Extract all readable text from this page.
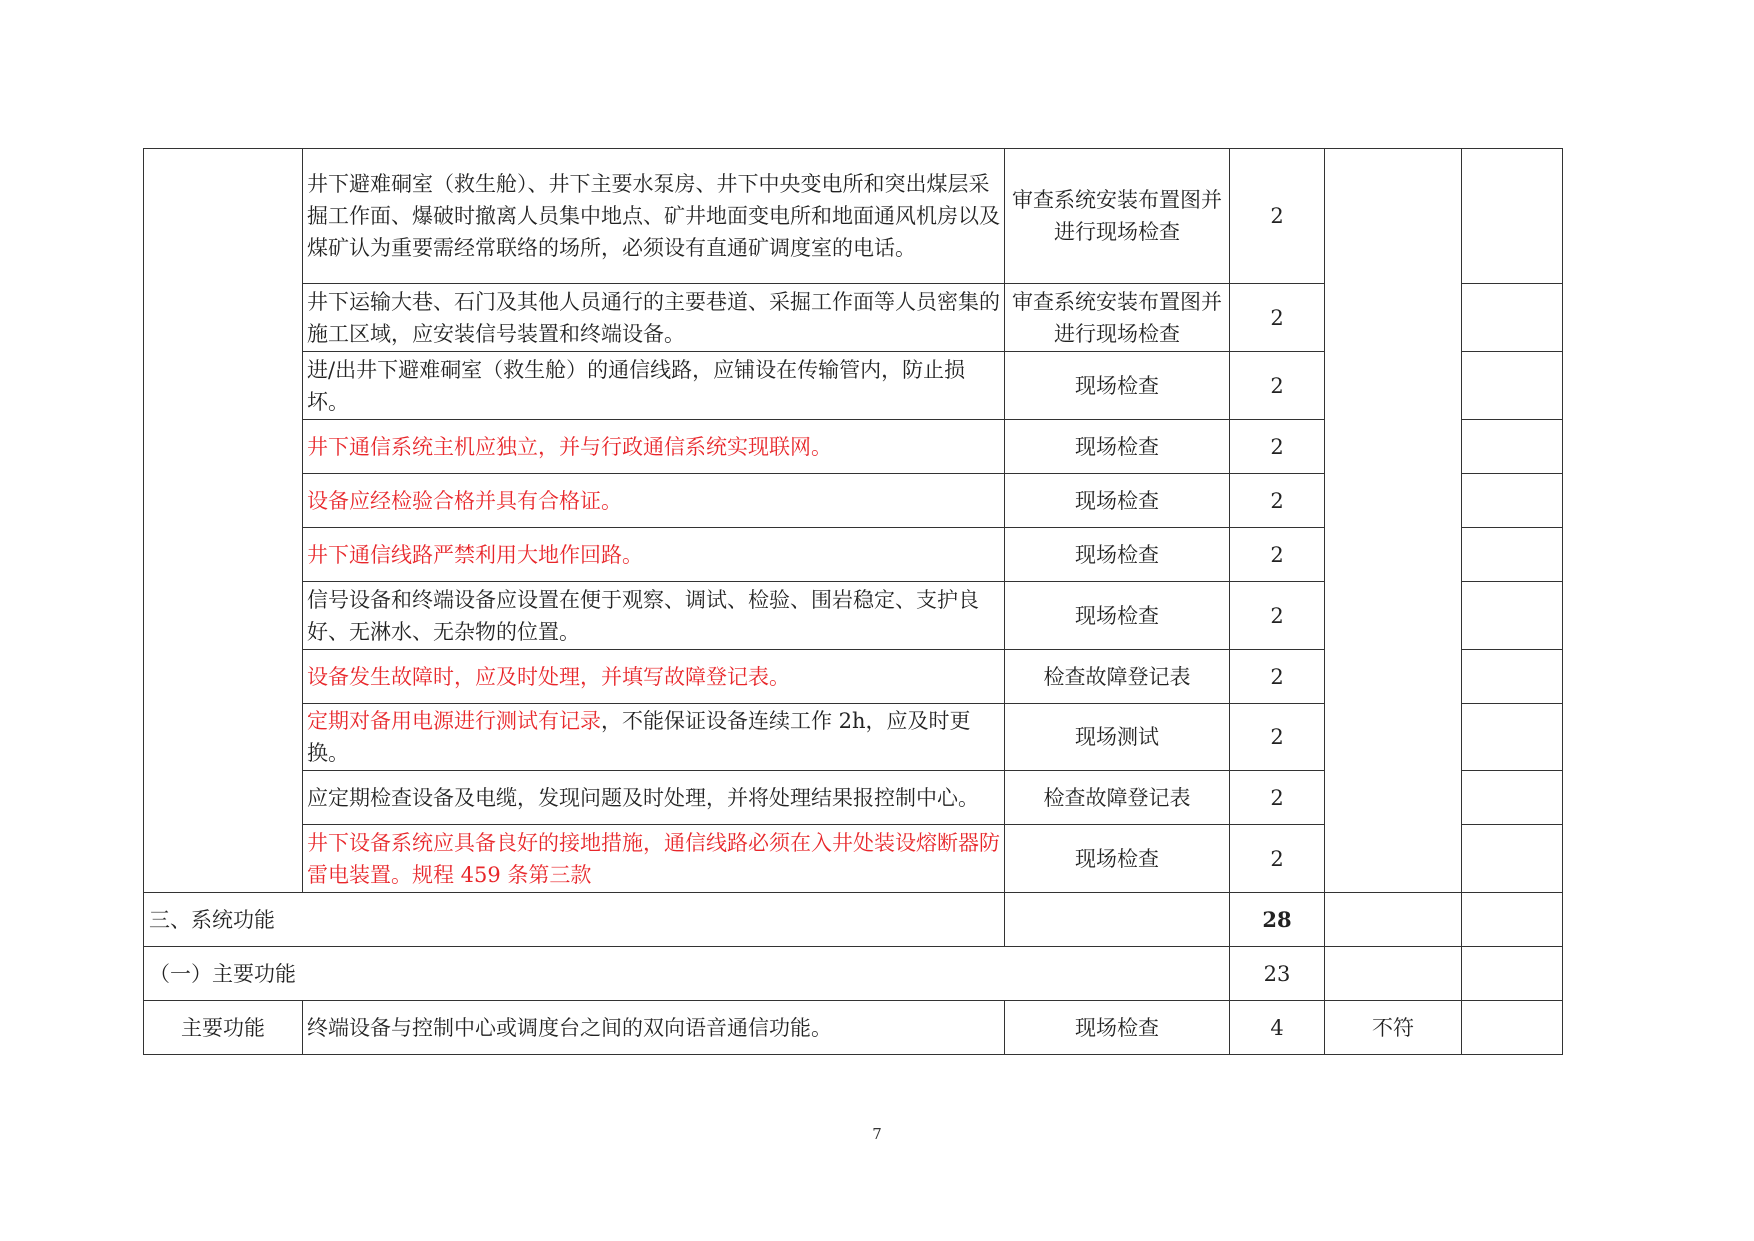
	井下避难硐室（救生舱）、井下主要水泵房、井下中央变电所和突出煤层采掘工作面、爆破时撤离人员集中地点、矿井地面变电所和地面通风机房以及煤矿认为重要需经常联络的场所，必须设有直通矿调度室的电话。	审查系统安装布置图并进行现场检查	2		
	井下运输大巷、石门及其他人员通行的主要巷道、采掘工作面等人员密集的施工区域，应安装信号装置和终端设备。	审查系统安装布置图并进行现场检查	2		
	进/出井下避难硐室（救生舱）的通信线路，应铺设在传输管内，防止损坏。	现场检查	2		
	井下通信系统主机应独立，并与行政通信系统实现联网。	现场检查	2		
	设备应经检验合格并具有合格证。	现场检查	2		
	井下通信线路严禁利用大地作回路。	现场检查	2		
	信号设备和终端设备应设置在便于观察、调试、检验、围岩稳定、支护良好、无淋水、无杂物的位置。	现场检查	2		
	设备发生故障时，应及时处理，并填写故障登记表。	检查故障登记表	2		
	定期对备用电源进行测试有记录，不能保证设备连续工作 2h，应及时更换。	现场测试	2		
	应定期检查设备及电缆，发现问题及时处理，并将处理结果报控制中心。	检查故障登记表	2		
	井下设备系统应具备良好的接地措施，通信线路必须在入井处装设熔断器防雷电装置。规程 459 条第三款	现场检查	2		
三、系统功能			28		
（一）主要功能			23		
主要功能	终端设备与控制中心或调度台之间的双向语音通信功能。	现场检查	4	不符	
7
